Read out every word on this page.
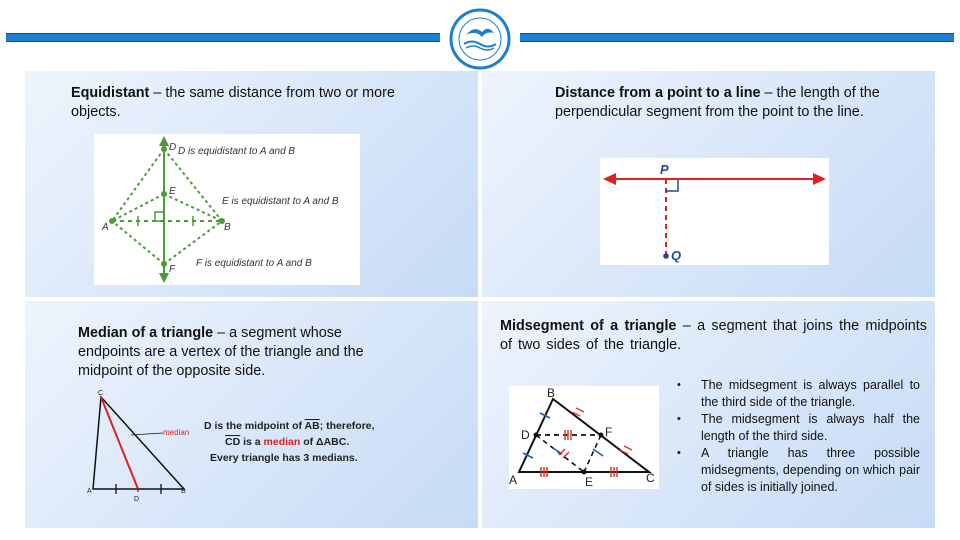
Equidistant – the same distance from two or more objects.
D
E
A	B
F
D is equidistant to A and B
E is equidistant to A and B
F is equidistant to A and B
Distance from a point to a line – the length of the perpendicular segment from the point to the line.
P
Q
Median of a triangle – a segment whose endpoints are a vertex of the triangle and the midpoint of the opposite side.
C
A	B
D
median
D is the midpoint of AB; therefore,
CD is a median of ΔABC.
Every triangle has 3 medians.
Midsegment of a triangle – a segment that joins the midpoints of two sides of the triangle.
B
D	F
A	E	C
• The midsegment is always parallel to the third side of the triangle.
• The midsegment is always half the length of the third side.
• A triangle has three possible midsegments, depending on which pair of sides is initially joined.
